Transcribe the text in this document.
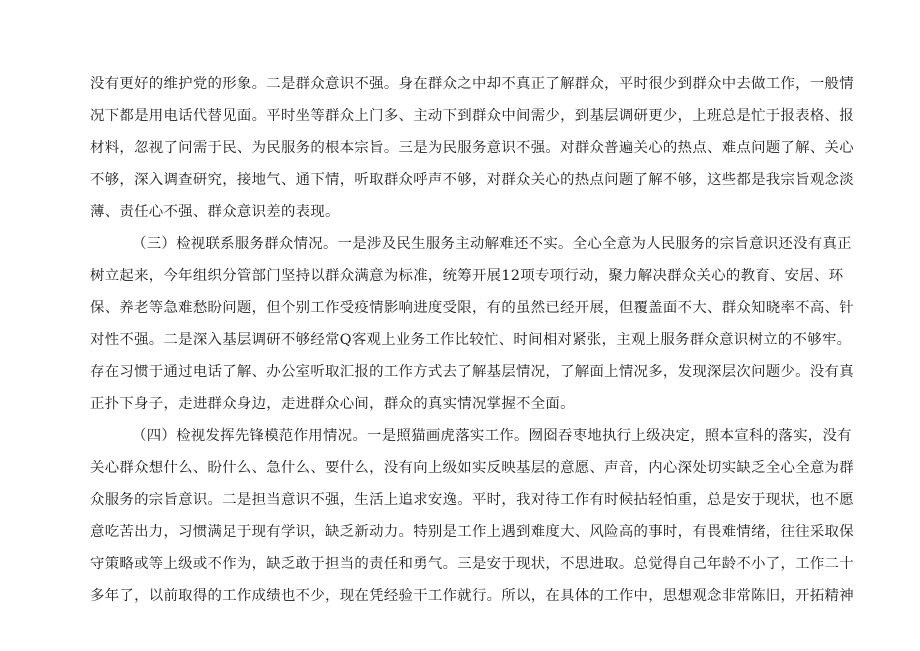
没有更好的维护党的形象。二是群众意识不强。身在群众之中却不真正了解群众，平时很少到群众中去做工作，一般情
况下都是用电话代替见面。平时坐等群众上门多、主动下到群众中间需少，到基层调研更少，上班总是忙于报表格、报
材料，忽视了问需于民、为民服务的根本宗旨。三是为民服务意识不强。对群众普遍关心的热点、难点问题了解、关心
不够，深入调查研究，接地气、通下情，听取群众呼声不够，对群众关心的热点问题了解不够，这些都是我宗旨观念淡
薄、责任心不强、群众意识差的表现。
（三）检视联系服务群众情况。一是涉及民生服务主动解难还不实。全心全意为人民服务的宗旨意识还没有真正
树立起来，今年组织分管部门坚持以群众满意为标准，统筹开展12项专项行动，聚力解决群众关心的教育、安居、环
保、养老等急难愁盼问题，但个别工作受疫情影响进度受限，有的虽然已经开展，但覆盖面不大、群众知晓率不高、针
对性不强。二是深入基层调研不够经常Q客观上业务工作比较忙、时间相对紧张，主观上服务群众意识树立的不够牢。
存在习惯于通过电话了解、办公室听取汇报的工作方式去了解基层情况，了解面上情况多，发现深层次问题少。没有真
正扑下身子，走进群众身边，走进群众心间，群众的真实情况掌握不全面。
（四）检视发挥先锋模范作用情况。一是照猫画虎落实工作。囫囵吞枣地执行上级决定，照本宣科的落实，没有
关心群众想什么、盼什么、急什么、要什么，没有向上级如实反映基层的意愿、声音，内心深处切实缺乏全心全意为群
众服务的宗旨意识。二是担当意识不强，生活上追求安逸。平时，我对待工作有时候拈轻怕重，总是安于现状，也不愿
意吃苦出力，习惯满足于现有学识，缺乏新动力。特别是工作上遇到难度大、风险高的事时，有畏难情绪，往往采取保
守策略或等上级或不作为，缺乏敢于担当的责任和勇气。三是安于现状，不思进取。总觉得自己年龄不小了，工作二十
多年了，以前取得的工作成绩也不少，现在凭经验干工作就行。所以，在具体的工作中，思想观念非常陈旧，开拓精神
